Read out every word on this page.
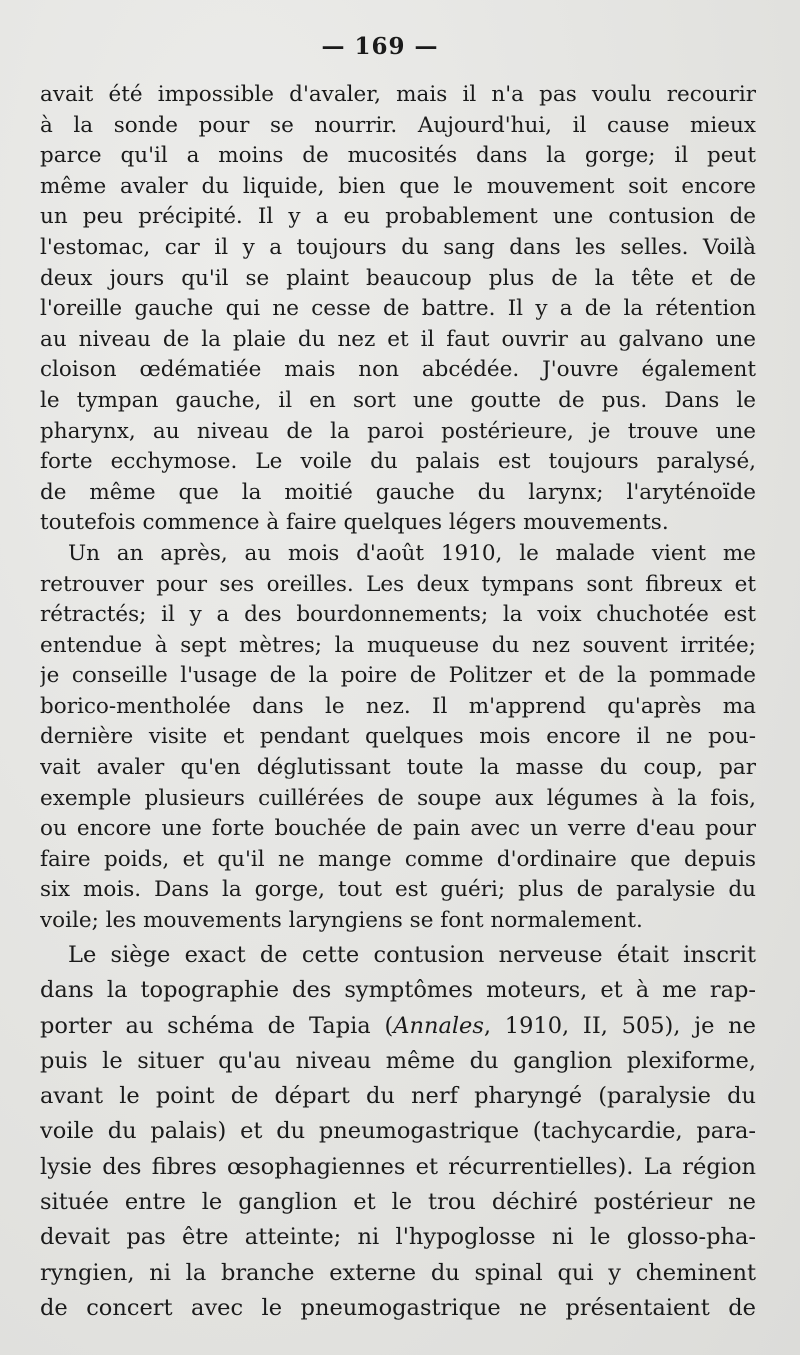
— 169 —
avait été impossible d'avaler, mais il n'a pas voulu recourir
à la sonde pour se nourrir. Aujourd'hui, il cause mieux
parce qu'il a moins de mucosités dans la gorge; il peut
même avaler du liquide, bien que le mouvement soit encore
un peu précipité. Il y a eu probablement une contusion de
l'estomac, car il y a toujours du sang dans les selles. Voilà
deux jours qu'il se plaint beaucoup plus de la tête et de
l'oreille gauche qui ne cesse de battre. Il y a de la rétention
au niveau de la plaie du nez et il faut ouvrir au galvano une
cloison œdématiée mais non abcédée. J'ouvre également
le tympan gauche, il en sort une goutte de pus. Dans le
pharynx, au niveau de la paroi postérieure, je trouve une
forte ecchymose. Le voile du palais est toujours paralysé,
de même que la moitié gauche du larynx; l'aryténoïde
toutefois commence à faire quelques légers mouvements.
Un an après, au mois d'août 1910, le malade vient me
retrouver pour ses oreilles. Les deux tympans sont fibreux et
rétractés; il y a des bourdonnements; la voix chuchotée est
entendue à sept mètres; la muqueuse du nez souvent irritée;
je conseille l'usage de la poire de Politzer et de la pommade
borico-mentholée dans le nez. Il m'apprend qu'après ma
dernière visite et pendant quelques mois encore il ne pou-
vait avaler qu'en déglutissant toute la masse du coup, par
exemple plusieurs cuillérées de soupe aux légumes à la fois,
ou encore une forte bouchée de pain avec un verre d'eau pour
faire poids, et qu'il ne mange comme d'ordinaire que depuis
six mois. Dans la gorge, tout est guéri; plus de paralysie du
voile; les mouvements laryngiens se font normalement.
Le siège exact de cette contusion nerveuse était inscrit
dans la topographie des symptômes moteurs, et à me rap-
porter au schéma de Tapia (Annales, 1910, II, 505), je ne
puis le situer qu'au niveau même du ganglion plexiforme,
avant le point de départ du nerf pharyngé (paralysie du
voile du palais) et du pneumogastrique (tachycardie, para-
lysie des fibres œsophagiennes et récurrentielles). La région
située entre le ganglion et le trou déchiré postérieur ne
devait pas être atteinte; ni l'hypoglosse ni le glosso-pha-
ryngien, ni la branche externe du spinal qui y cheminent
de concert avec le pneumogastrique ne présentaient de
